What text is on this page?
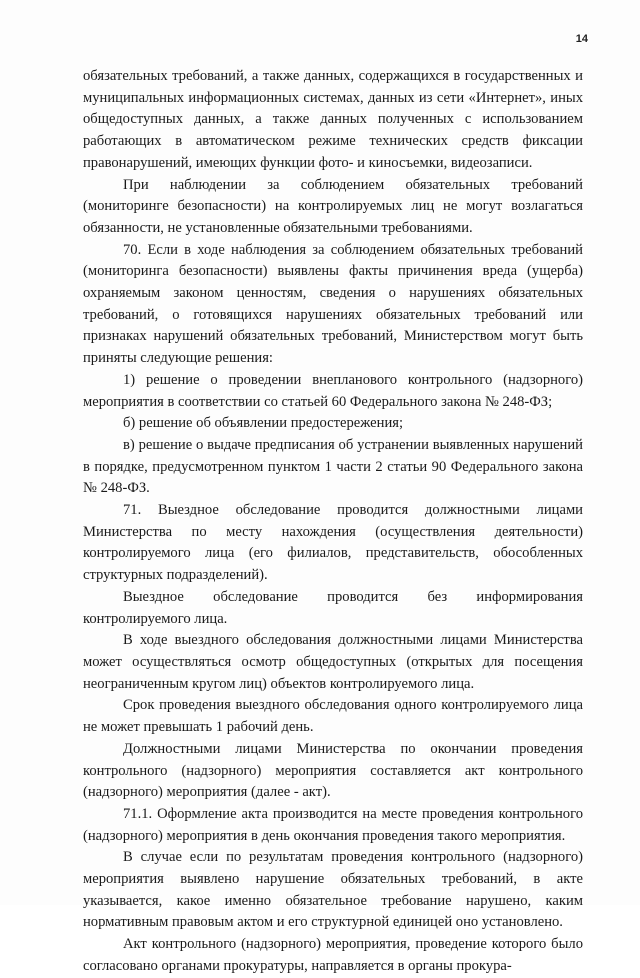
14

обязательных требований, а также данных, содержащихся в государственных и муниципальных информационных системах, данных из сети «Интернет», иных общедоступных данных, а также данных полученных с использованием работающих в автоматическом режиме технических средств фиксации правонарушений, имеющих функции фото- и киносъемки, видеозаписи.

При наблюдении за соблюдением обязательных требований (мониторинге безопасности) на контролируемых лиц не могут возлагаться обязанности, не установленные обязательными требованиями.

70. Если в ходе наблюдения за соблюдением обязательных требований (мониторинга безопасности) выявлены факты причинения вреда (ущерба) охраняемым законом ценностям, сведения о нарушениях обязательных требований, о готовящихся нарушениях обязательных требований или признаках нарушений обязательных требований, Министерством могут быть приняты следующие решения:

1) решение о проведении внепланового контрольного (надзорного) мероприятия в соответствии со статьей 60 Федерального закона № 248-ФЗ;

б) решение об объявлении предостережения;

в) решение о выдаче предписания об устранении выявленных нарушений в порядке, предусмотренном пунктом 1 части 2 статьи 90 Федерального закона № 248-ФЗ.

71. Выездное обследование проводится должностными лицами Министерства по месту нахождения (осуществления деятельности) контролируемого лица (его филиалов, представительств, обособленных структурных подразделений).

Выездное обследование проводится без информирования контролируемого лица.

В ходе выездного обследования должностными лицами Министерства может осуществляться осмотр общедоступных (открытых для посещения неограниченным кругом лиц) объектов контролируемого лица.

Срок проведения выездного обследования одного контролируемого лица не может превышать 1 рабочий день.

Должностными лицами Министерства по окончании проведения контрольного (надзорного) мероприятия составляется акт контрольного (надзорного) мероприятия (далее - акт).

71.1. Оформление акта производится на месте проведения контрольного (надзорного) мероприятия в день окончания проведения такого мероприятия.

В случае если по результатам проведения контрольного (надзорного) мероприятия выявлено нарушение обязательных требований, в акте указывается, какое именно обязательное требование нарушено, каким нормативным правовым актом и его структурной единицей оно установлено.

Акт контрольного (надзорного) мероприятия, проведение которого было согласовано органами прокуратуры, направляется в органы прокура-
